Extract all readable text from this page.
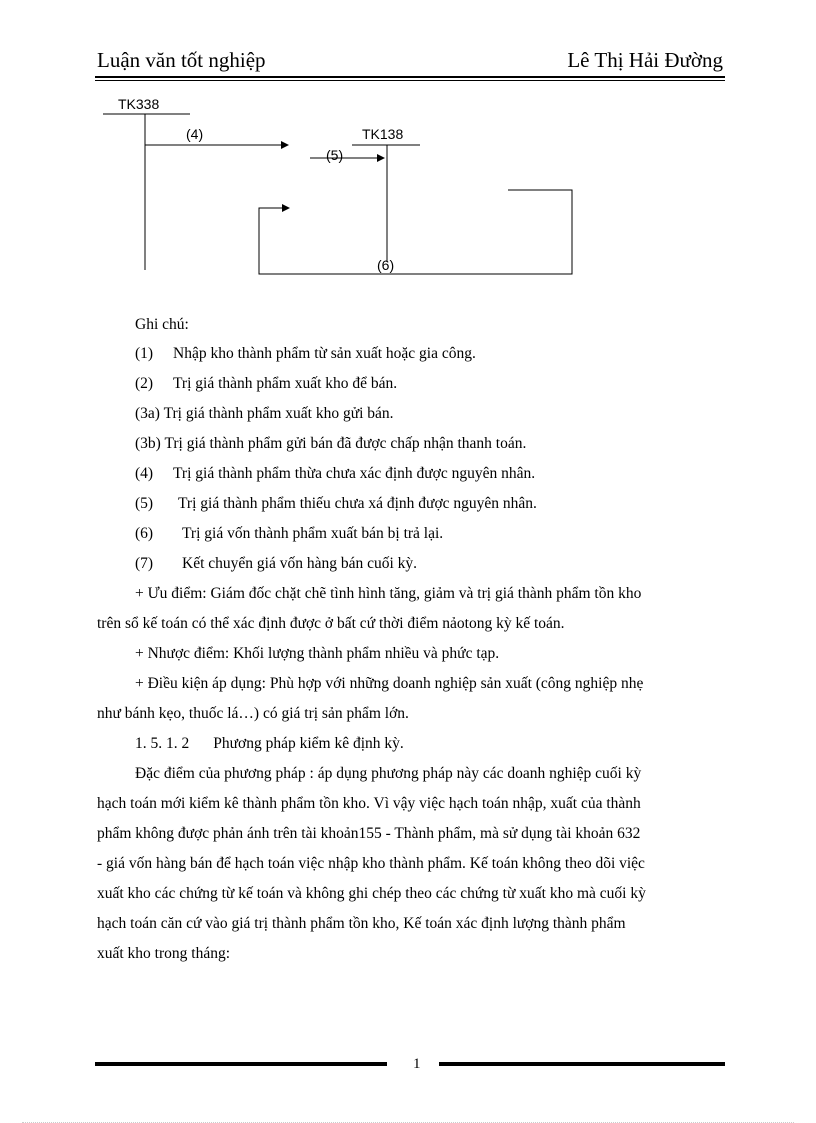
Luận văn tốt nghiệp	Lê Thị Hải Đường
TK338
(4)	TK138
(5)
(6)
Ghi chú:
(1) Nhập kho thành phẩm từ sản xuất hoặc gia công.
(2) Trị giá thành phẩm xuất kho để bán.
(3a) Trị giá thành phẩm xuất kho gửi bán.
(3b) Trị giá thành phẩm gửi bán đã được chấp nhận thanh toán.
(4) Trị giá thành phẩm thừa chưa xác định được nguyên nhân.
(5) Trị giá thành phẩm thiếu chưa xá định được nguyên nhân.
(6) Trị giá vốn thành phẩm xuất bán bị trả lại.
(7) Kết chuyển giá vốn hàng bán cuối kỳ.
+ Ưu điểm: Giám đốc chặt chẽ tình hình tăng, giảm và trị giá thành phẩm tồn kho
trên sổ kế toán có thể xác định được ở bất cứ thời điểm nảotong kỳ kế toán.
+ Nhược điểm: Khối lượng thành phẩm nhiều và phức tạp.
+ Điều kiện áp dụng: Phù hợp với những doanh nghiệp sản xuất (công nghiệp nhẹ
như bánh kẹo, thuốc lá…) có giá trị sản phẩm lớn.
1. 5. 1. 2 Phương pháp kiểm kê định kỳ.
Đặc điểm của phương pháp : áp dụng phương pháp này các doanh nghiệp cuối kỳ
hạch toán mới kiểm kê thành phẩm tồn kho. Vì vậy việc hạch toán nhập, xuất của thành
phẩm không được phản ánh trên tài khoản155 - Thành phẩm, mà sử dụng tài khoản 632
- giá vốn hàng bán để hạch toán việc nhập kho thành phẩm. Kế toán không theo dõi việc
xuất kho các chứng từ kế toán và không ghi chép theo các chứng từ xuất kho mà cuối kỳ
hạch toán căn cứ vào giá trị thành phẩm tồn kho, Kế toán xác định lượng thành phẩm
xuất kho trong tháng:
1
